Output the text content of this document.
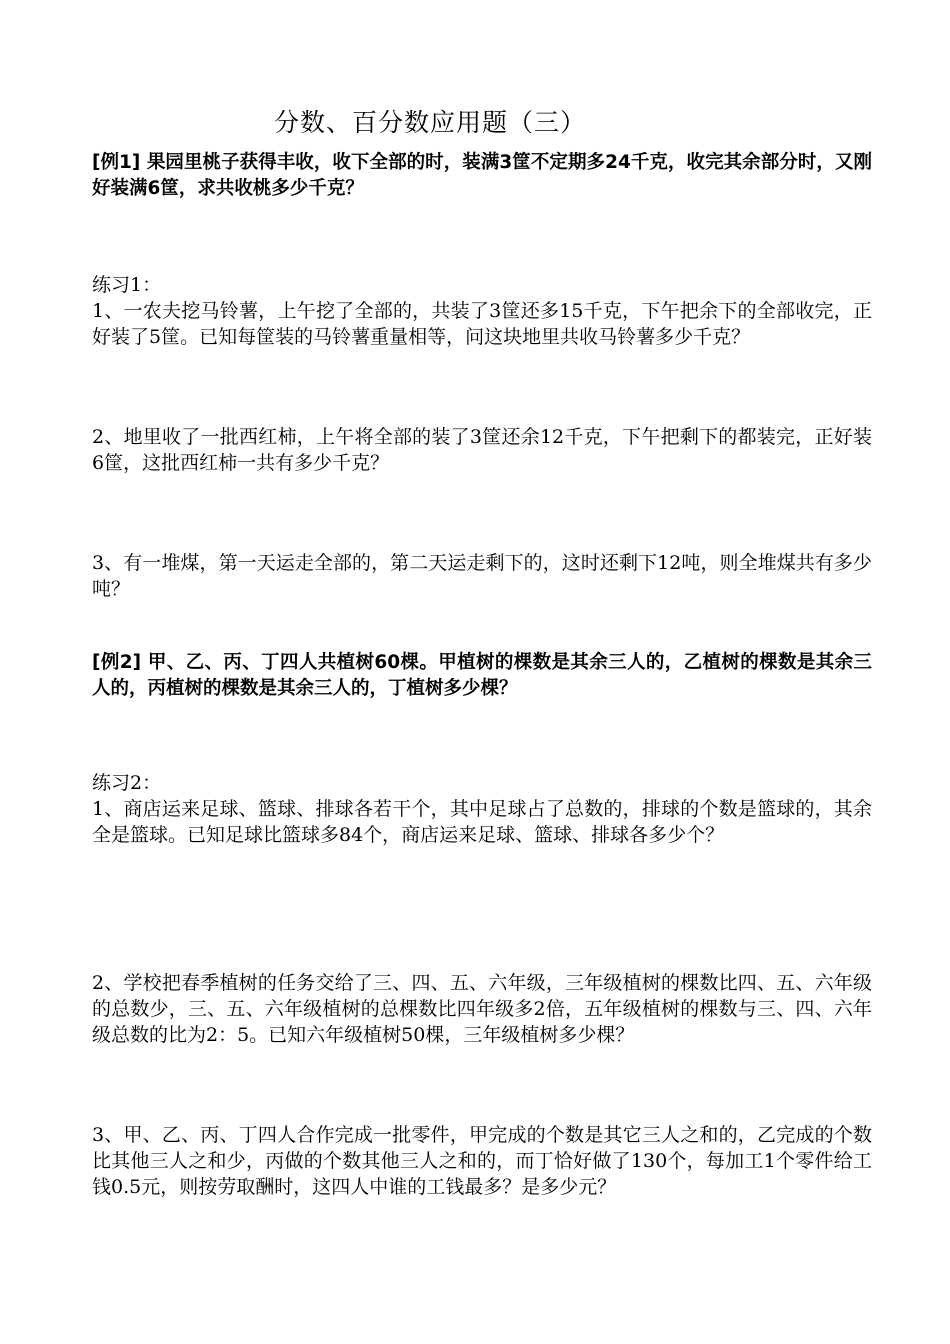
分数、百分数应用题（三）
[例1] 果园里桃子获得丰收，收下全部的时，装满3筐不定期多24千克，收完其余部分时，又刚好装满6筐，求共收桃多少千克？
练习1：
1、一农夫挖马铃薯，上午挖了全部的，共装了3筐还多15千克，下午把余下的全部收完，正好装了5筐。已知每筐装的马铃薯重量相等，问这块地里共收马铃薯多少千克？
2、地里收了一批西红柿，上午将全部的装了3筐还余12千克，下午把剩下的都装完，正好装6筐，这批西红柿一共有多少千克？
3、有一堆煤，第一天运走全部的，第二天运走剩下的，这时还剩下12吨，则全堆煤共有多少吨？
[例2] 甲、乙、丙、丁四人共植树60棵。甲植树的棵数是其余三人的，乙植树的棵数是其余三人的，丙植树的棵数是其余三人的，丁植树多少棵？
练习2：
1、商店运来足球、篮球、排球各若干个，其中足球占了总数的，排球的个数是篮球的，其余全是篮球。已知足球比篮球多84个，商店运来足球、篮球、排球各多少个？
2、学校把春季植树的任务交给了三、四、五、六年级，三年级植树的棵数比四、五、六年级的总数少，三、五、六年级植树的总棵数比四年级多2倍，五年级植树的棵数与三、四、六年级总数的比为2：5。已知六年级植树50棵，三年级植树多少棵？
3、甲、乙、丙、丁四人合作完成一批零件，甲完成的个数是其它三人之和的，乙完成的个数比其他三人之和少，丙做的个数其他三人之和的，而丁恰好做了130个，每加工1个零件给工钱0.5元，则按劳取酬时，这四人中谁的工钱最多？是多少元？
